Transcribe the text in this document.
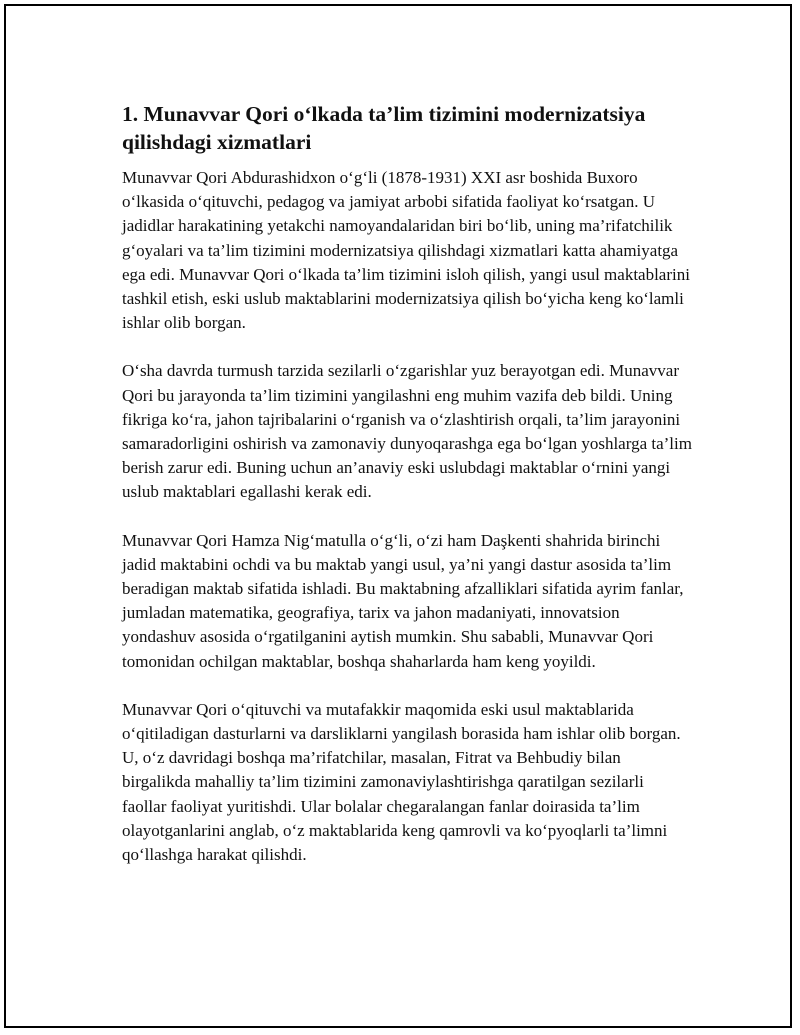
1. Munavvar Qori o‘lkada ta’lim tizimini modernizatsiya qilishdagi xizmatlari

Munavvar Qori Abdurashidxon o‘g‘li (1878-1931) XXI asr boshida Buxoro o‘lkasida o‘qituvchi, pedagog va jamiyat arbobi sifatida faoliyat ko‘rsatgan. U jadidlar harakatining yetakchi namoyandalaridan biri bo‘lib, uning ma’rifatchilik g‘oyalari va ta’lim tizimini modernizatsiya qilishdagi xizmatlari katta ahamiyatga ega edi. Munavvar Qori o‘lkada ta’lim tizimini isloh qilish, yangi usul maktablarini tashkil etish, eski uslub maktablarini modernizatsiya qilish bo‘yicha keng ko‘lamli ishlar olib borgan.

O‘sha davrda turmush tarzida sezilarli o‘zgarishlar yuz berayotgan edi. Munavvar Qori bu jarayonda ta’lim tizimini yangilashni eng muhim vazifa deb bildi. Uning fikriga ko‘ra, jahon tajribalarini o‘rganish va o‘zlashtirish orqali, ta’lim jarayonini samaradorligini oshirish va zamonaviy dunyoqarashga ega bo‘lgan yoshlarga ta’lim berish zarur edi. Buning uchun an’anaviy eski uslubdagi maktablar o‘rnini yangi uslub maktablari egallashi kerak edi.

Munavvar Qori Hamza Nig‘matulla o‘g‘li, o‘zi ham Daşkenti shahrida birinchi jadid maktabini ochdi va bu maktab yangi usul, ya’ni yangi dastur asosida ta’lim beradigan maktab sifatida ishladi. Bu maktabning afzalliklari sifatida ayrim fanlar, jumladan matematika, geografiya, tarix va jahon madaniyati, innovatsion yondashuv asosida o‘rgatilganini aytish mumkin. Shu sababli, Munavvar Qori tomonidan ochilgan maktablar, boshqa shaharlarda ham keng yoyildi.

Munavvar Qori o‘qituvchi va mutafakkir maqomida eski usul maktablarida o‘qitiladigan dasturlarni va darsliklarni yangilash borasida ham ishlar olib borgan. U, o‘z davridagi boshqa ma’rifatchilar, masalan, Fitrat va Behbudiy bilan birgalikda mahalliy ta’lim tizimini zamonaviylashtirishga qaratilgan sezilarli faollar faoliyat yuritishdi. Ular bolalar chegaralangan fanlar doirasida ta’lim olayotganlarini anglab, o‘z maktablarida keng qamrovli va ko‘pyoqlarli ta’limni qo‘llashga harakat qilishdi.
